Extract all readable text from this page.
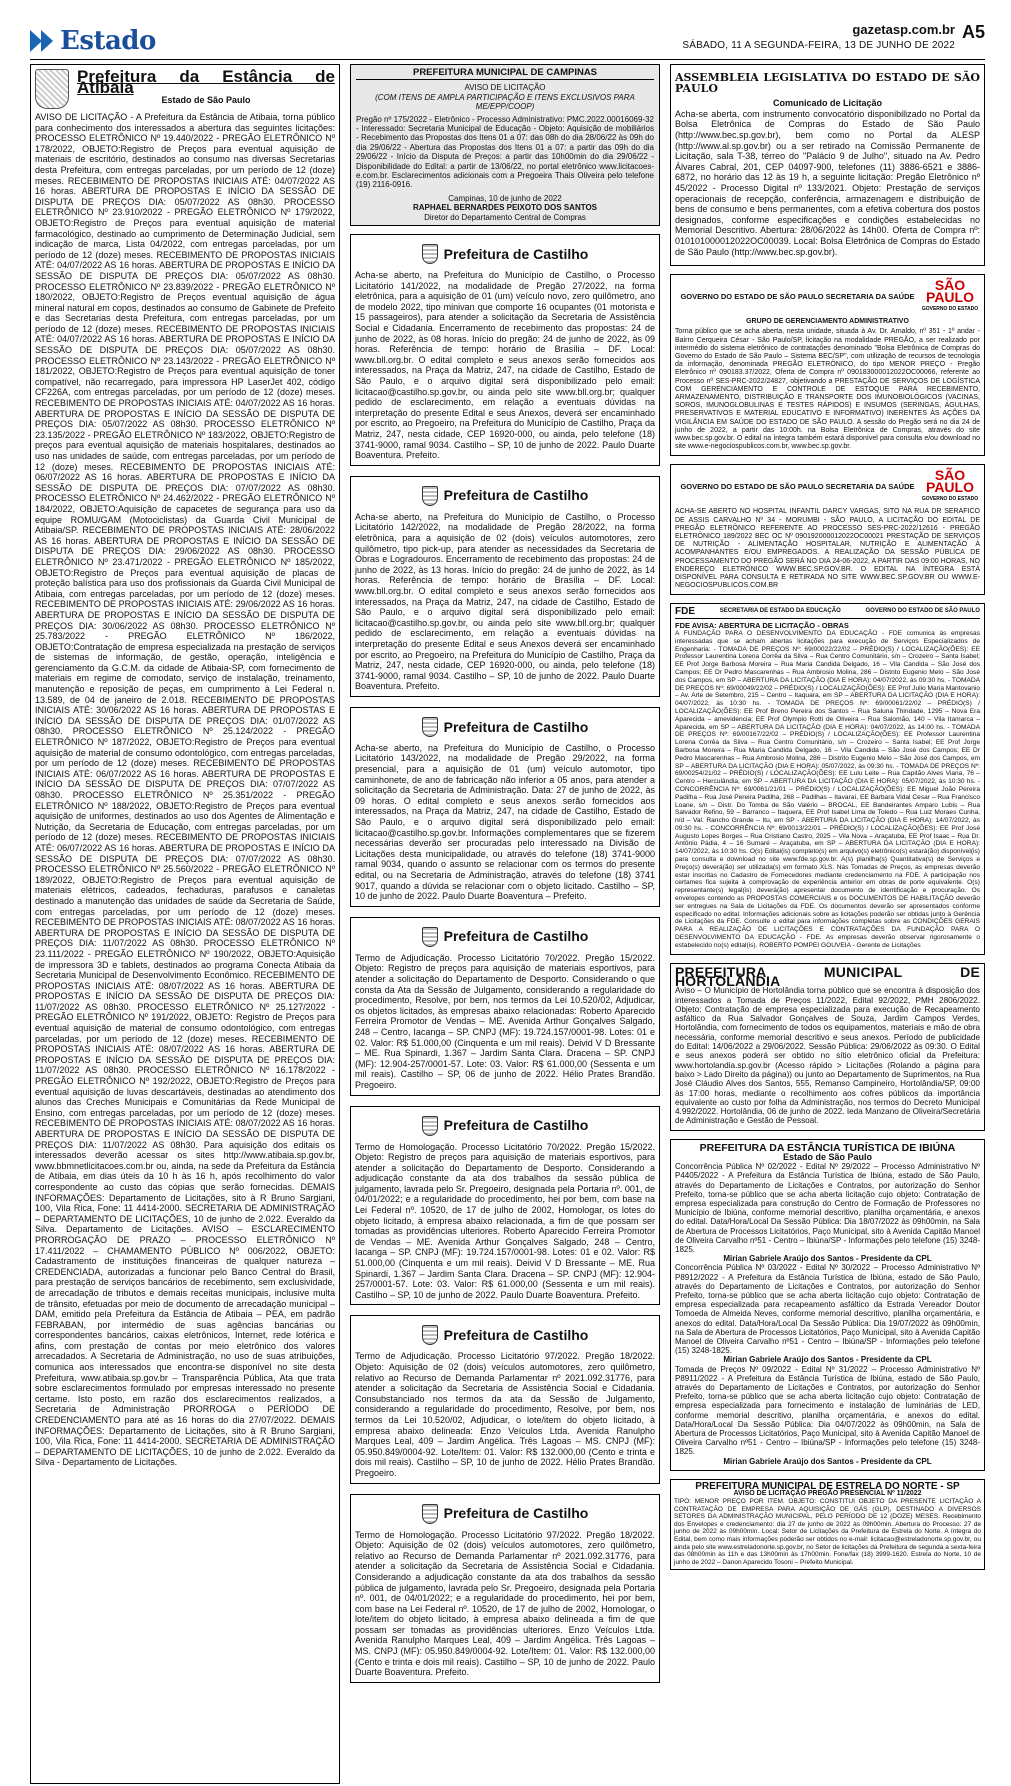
Estado	gazetasp.com.br
SÁBADO, 11 A SEGUNDA-FEIRA, 13 DE JUNHO DE 2022
A5
Prefeitura da Estância de Atibaia
Estado de São Paulo
AVISO DE LICITAÇÃO - A Prefeitura da Estância de Atibaia, torna público para conhecimento dos interessados a abertura das seguintes licitações: PROCESSO ELETRÔNICO Nº 19.440/2022 - PREGÃO ELETRÔNICO Nº 178/2022, OBJETO:Registro de Preços para eventual aquisição de materiais de escritório, destinados ao consumo nas diversas Secretarias desta Prefeitura, com entregas parceladas, por um período de 12 (doze) meses. RECEBIMENTO DE PROPOSTAS INICIAIS ATÉ: 04/07/2022 AS 16 horas. ABERTURA DE PROPOSTAS E INÍCIO DA SESSÃO DE DISPUTA DE PREÇOS DIA: 05/07/2022 AS 08h30. PROCESSO ELETRÔNICO Nº 23.910/2022 - PREGÃO ELETRÔNICO Nº 179/2022, OBJETO:Registro de Preços para eventual aquisição de material farmacológico, destinado ao cumprimento de Determinação Judicial, sem indicação de marca, Lista 04/2022, com entregas parceladas, por um período de 12 (doze) meses. RECEBIMENTO DE PROPOSTAS INICIAIS ATÉ: 04/07/2022 AS 16 horas. ABERTURA DE PROPOSTAS E INÍCIO DA SESSÃO DE DISPUTA DE PREÇOS DIA: 05/07/2022 AS 08h30. PROCESSO ELETRÔNICO Nº 23.839/2022 - PREGÃO ELETRÔNICO Nº 180/2022, OBJETO:Registro de Preços eventual aquisição de água mineral natural em copos, destinados ao consumo de Gabinete de Prefeito e das Secretarias desta Prefeitura, com entregas parceladas, por um período de 12 (doze) meses. RECEBIMENTO DE PROPOSTAS INICIAIS ATÉ: 04/07/2022 AS 16 horas. ABERTURA DE PROPOSTAS E INÍCIO DA SESSÃO DE DISPUTA DE PREÇOS DIA: 05/07/2022 AS 08h30. PROCESSO ELETRÔNICO Nº 23.143/2022 - PREGÃO ELETRÔNICO Nº 181/2022, OBJETO:Registro de Preços para eventual aquisição de toner compatível, não recarregado, para impressora HP LaserJet 402, código CF226A, com entregas parceladas, por um período de 12 (doze) meses. RECEBIMENTO DE PROPOSTAS INICIAIS ATÉ: 04/07/2022 AS 16 horas. ABERTURA DE PROPOSTAS E INÍCIO DA SESSÃO DE DISPUTA DE PREÇOS DIA: 05/07/2022 AS 08h30. PROCESSO ELETRÔNICO Nº 23.135/2022 - PREGÃO ELETRÔNICO Nº 183/2022, OBJETO:Registro de preços para eventual aquisição de materiais hospitalares, destinados ao uso nas unidades de saúde, com entregas parceladas, por um período de 12 (doze) meses. RECEBIMENTO DE PROPOSTAS INICIAIS ATÉ: 06/07/2022 AS 16 horas. ABERTURA DE PROPOSTAS E INÍCIO DA SESSÃO DE DISPUTA DE PREÇOS DIA: 07/07/2022 AS 08h30. PROCESSO ELETRÔNICO Nº 24.462/2022 - PREGÃO ELETRÔNICO Nº 184/2022, OBJETO:Aquisição de capacetes de segurança para uso da equipe ROMU/GAM (Motociclistas) da Guarda Civil Municipal de Atibaia/SP. RECEBIMENTO DE PROPOSTAS INICIAIS ATÉ: 28/06/2022 AS 16 horas. ABERTURA DE PROPOSTAS E INÍCIO DA SESSÃO DE DISPUTA DE PREÇOS DIA: 29/06/2022 AS 08h30. PROCESSO ELETRÔNICO Nº 23.471/2022 - PREGÃO ELETRÔNICO Nº 185/2022, OBJETO:Registro de Preços para eventual aquisição de placas de proteção balística para uso dos profissionais da Guarda Civil Municipal de Atibaia, com entregas parceladas, por um período de 12 (doze) meses. RECEBIMENTO DE PROPOSTAS INICIAIS ATÉ: 29/06/2022 AS 16 horas. ABERTURA DE PROPOSTAS E INÍCIO DA SESSÃO DE DISPUTA DE PREÇOS DIA: 30/06/2022 AS 08h30. PROCESSO ELETRÔNICO Nº 25.783/2022 - PREGÃO ELETRÔNICO Nº 186/2022, OBJETO:Contratação de empresa especializada na prestação de serviços de sistemas de informação, de gestão, operação, inteligência e gerenciamento da G.C.M. da cidade de Atibaia-SP, com fornecimento de materiais em regime de comodato, serviço de instalação, treinamento, manutenção e reposição de peças, em cumprimento à Lei Federal n. 13.589, de 04 de janeiro de 2.018. RECEBIMENTO DE PROPOSTAS INICIAIS ATÉ: 30/06/2022 AS 16 horas. ABERTURA DE PROPOSTAS E INÍCIO DA SESSÃO DE DISPUTA DE PREÇOS DIA: 01/07/2022 AS 08h30. PROCESSO ELETRÔNICO Nº 25.124/2022 - PREGÃO ELETRÔNICO Nº 187/2022, OBJETO:Registro de Preços para eventual aquisição de material de consumo odontológico, com entregas parceladas, por um período de 12 (doze) meses. RECEBIMENTO DE PROPOSTAS INICIAIS ATÉ: 06/07/2022 AS 16 horas. ABERTURA DE PROPOSTAS E INÍCIO DA SESSÃO DE DISPUTA DE PREÇOS DIA: 07/07/2022 AS 08h30. PROCESSO ELETRÔNICO Nº 25.351/2022 - PREGÃO ELETRÔNICO Nº 188/2022, OBJETO:Registro de Preços para eventual aquisição de uniformes, destinados ao uso dos Agentes de Alimentação e Nutrição, da Secretaria de Educação, com entregas parceladas, por um período de 12 (doze) meses. RECEBIMENTO DE PROPOSTAS INICIAIS ATÉ: 06/07/2022 AS 16 horas. ABERTURA DE PROPOSTAS E INÍCIO DA SESSÃO DE DISPUTA DE PREÇOS DIA: 07/07/2022 AS 08h30. PROCESSO ELETRÔNICO Nº 25.560/2022 - PREGÃO ELETRÔNICO Nº 189/2022, OBJETO:Registro de Preços para eventual aquisição de materiais elétricos, cadeados, fechaduras, parafusos e canaletas destinado a manutenção das unidades de saúde da Secretaria de Saúde, com entregas parceladas, por um período de 12 (doze) meses. RECEBIMENTO DE PROPOSTAS INICIAIS ATÉ: 08/07/2022 AS 16 horas. ABERTURA DE PROPOSTAS E INÍCIO DA SESSÃO DE DISPUTA DE PREÇOS DIA: 11/07/2022 AS 08h30. PROCESSO ELETRÔNICO Nº 23.111/2022 - PREGÃO ELETRÔNICO Nº 190/2022, OBJETO:Aquisição de impressora 3D e tablets, destinados ao programa Conecta Atibaia da Secretaria Municipal de Desenvolvimento Econômico. RECEBIMENTO DE PROPOSTAS INICIAIS ATÉ: 08/07/2022 AS 16 horas. ABERTURA DE PROPOSTAS E INÍCIO DA SESSÃO DE DISPUTA DE PREÇOS DIA: 11/07/2022 AS 08h30. PROCESSO ELETRÔNICO Nº 25.127/2022 - PREGÃO ELETRÔNICO Nº 191/2022, OBJETO: Registro de Preços para eventual aquisição de material de consumo odontológico, com entregas parceladas, por um período de 12 (doze) meses. RECEBIMENTO DE PROPOSTAS INICIAIS ATÉ: 08/07/2022 AS 16 horas. ABERTURA DE PROPOSTAS E INÍCIO DA SESSÃO DE DISPUTA DE PREÇOS DIA: 11/07/2022 AS 08h30. PROCESSO ELETRÔNICO Nº 16.178/2022 - PREGÃO ELETRÔNICO Nº 192/2022, OBJETO:Registro de Preços para eventual aquisição de luvas descartáveis, destinadas ao atendimento dos alunos das Creches Municipais e Comunitárias da Rede Municipal de Ensino, com entregas parceladas, por um período de 12 (doze) meses. RECEBIMENTO DE PROPOSTAS INICIAIS ATÉ: 08/07/2022 AS 16 horas. ABERTURA DE PROPOSTAS E INÍCIO DA SESSÃO DE DISPUTA DE PREÇOS DIA: 11/07/2022 AS 08h30. Para aquisição dos editais os interessados deverão acessar os sites http://www.atibaia.sp.gov.br, www.bbmnetlicitacoes.com.br ou, ainda, na sede da Prefeitura da Estância de Atibaia, em dias úteis da 10 h às 16 h, após recolhimento do valor correspondente ao custo das cópias que serão fornecidas. DEMAIS INFORMAÇÕES: Departamento de Licitações, sito à R Bruno Sargiani, 100, Vila Rica, Fone: 11 4414-2000. SECRETARIA DE ADMINISTRAÇÃO – DEPARTAMENTO DE LICITAÇÕES, 10 de junho de 2.022. Everaldo da Silva. Departamento de Licitações. AVISO – ESCLARECIMENTO PRORROGAÇÃO DE PRAZO – PROCESSO ELETRÔNICO Nº 17.411/2022 – CHAMAMENTO PÚBLICO Nº 006/2022, OBJETO: Cadastramento de instituições financeiras de qualquer natureza – CREDENCIADA, autorizadas a funcionar pelo Banco Central do Brasil, para prestação de serviços bancários de recebimento, sem exclusividade, de arrecadação de tributos e demais receitas municipais, inclusive multa de trânsito, efetuadas por meio de documento de arrecadação municipal – DAM, emitido pela Prefeitura da Estância de Atibaia – PEA, em padrão FEBRABAN, por intermédio de suas agências bancárias ou correspondentes bancários, caixas eletrônicos, Internet, rede lotérica e afins, com prestação de contas por meio eletrônico dos valores arrecadados. A Secretaria de Administração, no uso de suas atribuições, comunica aos interessados que encontra-se disponível no site desta Prefeitura, www.atibaia.sp.gov.br – Transparência Pública, Ata que trata sobre esclarecimentos formulado por empresas interessado no presente certame. Isto posto, em razão dos esclarecimentos realizados, a Secretaria de Administração PRORROGA o PERÍODO DE CREDENCIAMENTO para até as 16 horas do dia 27/07/2022. DEMAIS INFORMAÇÕES: Departamento de Licitações, sito à R Bruno Sargiani, 100, Vila Rica, Fone: 11 4414-2000. SECRETARIA DE ADMINISTRAÇÃO – DEPARTAMENTO DE LICITAÇÕES, 10 de junho de 2.022. Everaldo da Silva - Departamento de Licitações.
PREFEITURA MUNICIPAL DE CAMPINAS
AVISO DE LICITAÇÃO
(COM ITENS DE AMPLA PARTICIPAÇÃO E ITENS EXCLUSIVOS PARA ME/EPP/COOP)
Pregão nº 175/2022 - Eletrônico - Processo Administrativo: PMC.2022.00016069-32 - Interessado: Secretaria Municipal de Educação - Objeto: Aquisição de mobiliários - Recebimento das Propostas dos Itens 01 a 07: das 08h do dia 28/06/22 às 09h do dia 29/06/22 - Abertura das Propostas dos Itens 01 a 07: a partir das 09h do dia 29/06/22 - Início da Disputa de Preços: a partir das 10h00min do dia 29/06/22 - Disponibilidade do Edital: a partir de 13/06/22, no portal eletrônico www.licitacoes-e.com.br. Esclarecimentos adicionais com a Pregoeira Thais Oliveira pelo telefone (19) 2116-0916.
Campinas, 10 de junho de 2022
RAPHAEL BERNARDES PEIXOTO DOS SANTOS
Diretor do Departamento Central de Compras
Prefeitura de Castilho

Acha-se aberto, na Prefeitura do Município de Castilho, o Processo Licitatório 141/2022, na modalidade de Pregão 27/2022, na forma eletrônica, para a aquisição de 01 (um) veículo novo, zero quilômetro, ano de modelo 2022, tipo minivan que comporte 16 ocupantes (01 motorista e 15 passageiros), para atender a solicitação da Secretaria de Assistência Social e Cidadania. Encerramento de recebimento das propostas: 24 de junho de 2022, às 08 horas. Início do pregão: 24 de junho de 2022, às 09 horas. Referência de tempo: horário de Brasília – DF. Local: www.bll.org.br. O edital completo e seus anexos serão fornecidos aos interessados, na Praça da Matriz, 247, na cidade de Castilho, Estado de São Paulo, e o arquivo digital será disponibilizado pelo email: licitacao@castilho.sp.gov.br, ou ainda pelo site www.bll.org.br; qualquer pedido de esclarecimento, em relação a eventuais dúvidas na interpretação do presente Edital e seus Anexos, deverá ser encaminhado por escrito, ao Pregoeiro, na Prefeitura do Município de Castilho, Praça da Matriz, 247, nesta cidade, CEP 16920-000, ou ainda, pelo telefone (18) 3741-9000, ramal 9034. Castilho – SP, 10 de junho de 2022. Paulo Duarte Boaventura. Prefeito.

Prefeitura de Castilho

Acha-se aberto, na Prefeitura do Município de Castilho, o Processo Licitatório 142/2022, na modalidade de Pregão 28/2022, na forma eletrônica, para a aquisição de 02 (dois) veículos automotores, zero quilômetro, tipo pick-up, para atender as necessidades da Secretaria de Obras e Logradouros. Encerramento de recebimento das propostas: 24 de junho de 2022, às 13 horas. Início do pregão: 24 de junho de 2022, às 14 horas. Referência de tempo: horário de Brasília – DF. Local: www.bll.org.br. O edital completo e seus anexos serão fornecidos aos interessados, na Praça da Matriz, 247, na cidade de Castilho, Estado de São Paulo, e o arquivo digital será disponibilizado pelo email: licitacao@castilho.sp.gov.br, ou ainda pelo site www.bll.org.br; qualquer pedido de esclarecimento, em relação a eventuais dúvidas na interpretação do presente Edital e seus Anexos deverá ser encaminhado por escrito, ao Pregoeiro, na Prefeitura do Município de Castilho, Praça da Matriz, 247, nesta cidade, CEP 16920-000, ou ainda, pelo telefone (18) 3741-9000, ramal 9034. Castilho – SP, 10 de junho de 2022. Paulo Duarte Boaventura. Prefeito.

Prefeitura de Castilho

Acha-se aberto, na Prefeitura do Município de Castilho, o Processo Licitatório 143/2022, na modalidade de Pregão 29/2022, na forma presencial, para a aquisição de 01 (um) veículo automotor, tipo caminhonete, de ano de fabricação não inferior a 05 anos, para atender a solicitação da Secretaria de Administração. Data: 27 de junho de 2022, às 09 horas. O edital completo e seus anexos serão fornecidos aos interessados, na Praça da Matriz, 247, na cidade de Castilho, Estado de São Paulo, e o arquivo digital será disponibilizado pelo email: licitacao@castilho.sp.gov.br. Informações complementares que se fizerem necessárias deverão ser procuradas pelo interessado na Divisão de Licitações desta municipalidade, ou através do telefone (18) 3741-9000 ramal 9034, quando o assunto se relacionar com os termos do presente edital, ou na Secretaria de Administração, através do telefone (18) 3741 9017, quando a dúvida se relacionar com o objeto licitado. Castilho – SP, 10 de junho de 2022. Paulo Duarte Boaventura – Prefeito.

Prefeitura de Castilho

Termo de Adjudicação. Processo Licitatório 70/2022. Pregão 15/2022. Objeto: Registro de preços para aquisição de materiais esportivos, para atender a solicitação do Departamento de Desporto. Considerando o que consta da Ata da Sessão de Julgamento, considerando a regularidade do procedimento, Resolve, por bem, nos termos da Lei 10.520/02, Adjudicar, os objetos licitados, às empresas abaixo relacionadas: Roberto Aparecido Ferreira Promotor de Vendas – ME. Avenida Arthur Gonçalves Salgado, 248 – Centro, Iacanga – SP. CNPJ (MF): 19.724.157/0001-98. Lotes: 01 e 02. Valor: R$ 51.000,00 (Cinquenta e um mil reais). Deivid V D Bressante – ME. Rua Spinardi, 1.367 – Jardim Santa Clara. Dracena – SP. CNPJ (MF): 12.904-257/0001-57. Lote: 03. Valor: R$ 61.000,00 (Sessenta e um mil reais). Castilho – SP, 06 de junho de 2022. Hélio Prates Brandão. Pregoeiro.

Prefeitura de Castilho

Termo de Homologação. Processo Licitatório 70/2022. Pregão 15/2022. Objeto: Registro de preços para aquisição de materiais esportivos, para atender a solicitação do Departamento de Desporto. Considerando a adjudicação constante da ata dos trabalhos da sessão pública de julgamento, lavrada pelo Sr. Pregoeiro, designada pela Portaria nº. 001, de 04/01/2022; e a regularidade do procedimento, hei por bem, com base na Lei Federal nº. 10520, de 17 de julho de 2002, Homologar, os lotes do objeto licitado, à empresa abaixo relacionada, a fim de que possam ser tomadas as providências ulteriores. Roberto Aparecido Ferreira Promotor de Vendas – ME. Avenida Arthur Gonçalves Salgado, 248 – Centro, Iacanga – SP. CNPJ (MF): 19.724.157/0001-98. Lotes: 01 e 02. Valor: R$ 51.000,00 (Cinquenta e um mil reais). Deivid V D Bressante – ME. Rua Spinardi, 1.367 – Jardim Santa Clara. Dracena – SP. CNPJ (MF): 12.904-257/0001-57. Lote: 03. Valor: R$ 61.000,00 (Sessenta e um mil reais). Castilho – SP, 10 de junho de 2022. Paulo Duarte Boaventura. Prefeito.

Prefeitura de Castilho

Termo de Adjudicação. Processo Licitatório 97/2022. Pregão 18/2022. Objeto: Aquisição de 02 (dois) veículos automotores, zero quilômetro, relativo ao Recurso de Demanda Parlamentar nº 2021.092.31776, para atender a solicitação da Secretaria de Assistência Social e Cidadania. Consubstanciado nos termos da ata da Sessão de Julgamento, considerando a regularidade do procedimento, Resolve, por bem, nos termos da Lei 10.520/02, Adjudicar, o lote/item do objeto licitado, à empresa abaixo delineada: Enzo Veículos Ltda. Avenida Ranulpho Marques Leal, 409 – Jardim Angélica. Três Lagoas – MS. CNPJ (MF): 05.950.849/0004-92. Lote/Item: 01. Valor: R$ 132.000,00 (Cento e trinta e dois mil reais). Castilho – SP, 10 de junho de 2022. Hélio Prates Brandão. Pregoeiro.

Prefeitura de Castilho

Termo de Homologação. Processo Licitatório 97/2022. Pregão 18/2022. Objeto: Aquisição de 02 (dois) veículos automotores, zero quilômetro, relativo ao Recurso de Demanda Parlamentar nº 2021.092.31776, para atender a solicitação da Secretaria de Assistência Social e Cidadania. Considerando a adjudicação constante da ata dos trabalhos da sessão pública de julgamento, lavrada pelo Sr. Pregoeiro, designada pela Portaria nº. 001, de 04/01/2022; e a regularidade do procedimento, hei por bem, com base na Lei Federal nº. 10520, de 17 de julho de 2002, Homologar, o lote/item do objeto licitado, à empresa abaixo delineada a fim de que possam ser tomadas as providências ulteriores. Enzo Veículos Ltda. Avenida Ranulpho Marques Leal, 409 – Jardim Angélica. Três Lagoas – MS. CNPJ (MF): 05.950.849/0004-92. Lote/Item: 01. Valor: R$ 132.000,00 (Cento e trinta e dois mil reais). Castilho – SP, 10 de junho de 2022. Paulo Duarte Boaventura. Prefeito.

ASSEMBLEIA LEGISLATIVA DO ESTADO DE SÃO PAULO
Comunicado de Licitação

Acha-se aberta, com instrumento convocatório disponibilizado no Portal da Bolsa Eletrônica de Compras do Estado de São Paulo (http://www.bec.sp.gov.br), bem como no Portal da ALESP (http://www.al.sp.gov.br) ou a ser retirado na Comissão Permanente de Licitação, sala T-38, térreo do "Palácio 9 de Julho", situado na Av. Pedro Álvares Cabral, 201, CEP 04097-900, telefones (11) 3886-6521 e 3886-6872, no horário das 12 às 19 h, a seguinte licitação: Pregão Eletrônico nº 45/2022 - Processo Digital nº 133/2021. Objeto: Prestação de serviços operacionais de recepção, conferência, armazenagem e distribuição de bens de consumo e bens permanentes, com a efetiva cobertura dos postos designados, conforme especificações e condições estabelecidas no Memorial Descritivo. Abertura: 28/06/2022 às 14h00. Oferta de Compra nº: 010101000012022OC00039. Local: Bolsa Eletrônica de Compras do Estado de São Paulo (http://www.bec.sp.gov.br).

GOVERNO DO ESTADO DE SÃO PAULO SECRETARIA DA SAÚDE
SÃO PAULO
GOVERNO DO ESTADO
GRUPO DE GERENCIAMENTO ADMINISTRATIVO
Torna público que se acha aberta, nesta unidade, situada à Av. Dr. Arnaldo, nº 351 - 1º andar - Bairro Cerqueira César - São Paulo/SP, licitação na modalidade PREGÃO, a ser realizado por intermédio do sistema eletrônico de contratações denominado "Bolsa Eletrônica de Compras do Governo do Estado de São Paulo – Sistema BEC/SP", com utilização de recursos de tecnologia da informação, denominada PREGÃO ELETRÔNICO, do tipo MENOR PREÇO - Pregão Eletrônico nº 090183.37/2022, Oferta de Compra nº 090183000012022OC00066, referente ao Processo nº SES-PRC-2022/24827, objetivando a PRESTAÇÃO DE SERVIÇOS DE LOGÍSTICA COM GERENCIAMENTO E CONTROLE DE ESTOQUE PARA RECEBIMENTO, ARMAZENAMENTO, DISTRIBUIÇÃO E TRANSPORTE DOS IMUNOBIOLÓGICOS (VACINAS, SOROS, IMUNOGLOBULINAS E TESTES RÁPIDOS) E INSUMOS (SERINGAS, AGULHAS, PRESERVATIVOS E MATERIAL EDUCATIVO E INFORMATIVO) INERENTES ÀS AÇÕES DA VIGILÂNCIA EM SAÚDE DO ESTADO DE SÃO PAULO. A sessão do Pregão será no dia 24 de junho de 2022, a partir das 10:00h. na Bolsa Eletrônica de Compras, através do site www.bec.sp.gov.br. O edital na íntegra também estará disponível para consulta e/ou download no site www.e-negociospublicos.com.br, www.bec.sp.gov.br.
GOVERNO DO ESTADO DE SÃO PAULO SECRETARIA DA SAÚDE
SÃO PAULO
GOVERNO DO ESTADO
ACHA-SE ABERTO NO HOSPITAL INFANTIL DARCY VARGAS, SITO NA RUA DR SERAFICO DE ASSIS CARVALHO Nº 34 - MORUMBI - SÃO PAULO, A LICITAÇÃO DO EDITAL DE PREGÃO ELETRÔNICO REFERENTE AO PROCESSO SES-PRC-2022/12616 - PREGÃO ELETRÔNICO 189/2022 BEC OC Nº 090192000012022OC00021 PRESTAÇÃO DE SERVIÇOS DE NUTRIÇÃO - ALIMENTAÇÃO HOSPITALAR, NUTRIÇÃO E ALIMENTAÇÃO À ACOMPANHANTES E/OU EMPREGADOS. A REALIZAÇÃO DA SESSÃO PÚBLICA DE PROCESSAMENTO DO PREGÃO SERÁ NO DIA 24-06-2022, A PARTIR DAS 09:00 HORAS, NO ENDEREÇO ELETRÔNICO WWW.BEC.SP.GOV.BR. O EDITAL NA ÍNTEGRA ESTÁ DISPONÍVEL PARA CONSULTA E RETIRADA NO SITE WWW.BEC.SP.GOV.BR OU WWW.E-NEGOCIOSPUBLICOS.COM.BR
FDE	SECRETARIA DE ESTADO DA EDUCAÇÃO	GOVERNO DO ESTADO DE SÃO PAULO
FDE AVISA: ABERTURA DE LICITAÇÃO - OBRAS
A FUNDAÇÃO PARA O DESENVOLVIMENTO DA EDUCAÇÃO - FDE comunica às empresas interessadas que se acham abertas licitações para execução de Serviços Especializados de Engenharia: - TOMADA DE PREÇOS Nº: 69/00022/22/02 – PRÉDIO(S) / LOCALIZAÇÃO(ÕES): EE Professor Laurentina Lorena Corrêa da Silva – Rua Centro Comunitário, s/n – Crozeiro – Santa Isabel; EE Prof Jorge Barbosa Moreira – Rua Maria Candida Delgado, 16 – Vila Candida – São José dos Campos; EE Dr Pedro Mascarenhas – Rua Ambrosio Molina, 286 – Distrito Eugenio Melo – São José dos Campos, em SP – ABERTURA DA LICITAÇÃO (DIA E HORA): 04/07/2022, às 09:30 hs. - TOMADA DE PREÇOS Nº: 69/00049/22/02 – PRÉDIO(S) / LOCALIZAÇÃO(ÕES): EE Prof Julio Maria Mantovanio – Av. Arte de Setembro, 215 – Centro – Itaquara, em SP – ABERTURA DA LICITAÇÃO (DIA E HORA): 04/07/2022, às 10:30 hs. - TOMADA DE PREÇOS Nº: 69/00061/22/02 – PRÉDIO(S) / LOCALIZAÇÃO(ÕES): EE Prof Breno Pereira dos Santos – Rua Saluna Thindade, 1295 – Nova Era Aparecida – amevidencia; EE Prof Olympio Rotti de Oliveira – Rua Salomão, 140 – Vila Itamarca – Aparecida, em SP – ABERTURA DA LICITAÇÃO (DIA E HORA): 04/07/2022, às 14:00 hs. - TOMADA DE PREÇOS Nº: 69/00167/22/02 – PRÉDIO(S) / LOCALIZAÇÃO(ÕES): EE Professor Laurentina Lorena Corrêa da Silva – Rua Centro Comunitário, s/n – Crozeiro – Santa Isabel; EE Prof Jorge Barbosa Moreira – Rua Maria Candida Delgado, 16 – Vila Candida – São José dos Campos; EE Dr Pedro Mascarenhas – Rua Ambrosio Molina, 286 – Distrito Eugenio Melo – São José dos Campos, em SP – ABERTURA DA LICITAÇÃO (DIA E HORA): 05/07/2022, às 09:30 hs. - TOMADA DE PREÇOS Nº: 69/00254/21/02 – PRÉDIO(S) / LOCALIZAÇÃO(ÕES): EE Lulu Leite – Rua Capitão Alves Viana, 76 – Centro – Herculândia, em SP – ABERTURA DA LICITAÇÃO (DIA E HORA): 05/07/2022, às 10:30 hs. - CONCORRÊNCIA Nº: 69/0061/21/01 – PRÉDIO(S) / LOCALIZAÇÃO(ÕES): EE Miguel João Pereira Padilha – Rua José Pereira Padilha, 268 – Padilhas – Itavaraí, EE Barbara Vidal Cesar – Rua Francisco Loane, s/n – Distr. Do Tomba de São Valério – BROCAL, EE Bandeirantes Amparo Lubis – Rua Salvador Refino, 59 – Barranco – Itaquera, EE Prof Isabel Lima de Toledo – Rua Luiz Moraes Cunha, n/d – Val. Rancho Grande – Itu, em SP - ABERTURA DA LICITAÇÃO (DIA E HORA): 14/07/2022, às 09:30 hs. - CONCORRÊNCIA Nº: 69/0013/22/01 – PRÉDIO(S) / LOCALIZAÇÃO(ÕES): EE Prof José Augusto Lopes Borges – Rua Cristiano Castro, 2025 – Vila Nova – Araçatuba, EE Prof Isaac – Rua Dr. Antônio Pádia, 4 – 16 Sumaré – Araçatuba, em SP – ABERTURA DA LICITAÇÃO (DIA E HORA): 14/07/2022, às 10:30 hs. O(s) Edital(is) completo(s) em arquivo(s) eletrônico(s) estará(ão) disponível(is) para consulta e download no site www.fde.sp.gov.br. A(s) planilha(s) Quantitativa(s) de Serviços e Preço(s) deverá(ão) ser utilizada(s) em formato XLS. Nas Tomadas de Preços, as empresas deverão estar inscritas no Cadastro de Fornecedores mediante credenciamento na FDE. A participação nos certames fica sujeita à comprovação de experiência anterior em obras de porte equivalente. O(s) representante(s) legal(is) deverá(ão) apresentar documento de identificação e procuração. Os envelopes contendo as PROPOSTAS COMERCIAIS e os DOCUMENTOS DE HABILITAÇÃO deverão ser entregues na Sala de Licitações da FDE. Os documentos deverão ser apresentados conforme especificado no edital. Informações adicionais sobre as licitações poderão ser obtidas junto à Gerência de Licitações da FDE. Consulte o edital para informações completas sobre as CONDIÇÕES GERAIS PARA A REALIZAÇÃO DE LICITAÇÕES E CONTRATAÇÕES DA FUNDAÇÃO PARA O DESENVOLVIMENTO DA EDUCAÇÃO - FDE. As empresas deverão observar rigorosamente o estabelecido no(s) edital(is). ROBERTO POMPEI GOUVEIA - Gerente de Licitações
PREFEITURA MUNICIPAL DE HORTOLÂNDIA
Aviso – O Município de Hortolândia torna público que se encontra à disposição dos interessados a Tomada de Preços 11/2022, Edital 92/2022, PMH 2806/2022. Objeto: Contratação de empresa especializada para execução de Recapeamento asfáltico da Rua Salvador Gonçalves de Souza, Jardim Campos Verdes, Hortolândia, com fornecimento de todos os equipamentos, materiais e mão de obra necessária, conforme memorial descritivo e seus anexos. Período de publicidade do Edital: 14/06/2022 a 29/06/2022. Sessão Pública: 29/06/2022 às 09:30. O Edital e seus anexos poderá ser obtido no sítio eletrônico oficial da Prefeitura: www.hortolandia.sp.gov.br (Acesso rápido > Licitações (Rolando a página para baixo > Lado Direito da página)) ou junto ao Departamento de Suprimentos, na Rua José Cláudio Alves dos Santos, 555, Remanso Campineiro, Hortolândia/SP, 09:00 às 17:00 horas, mediante o recolhimento aos cofres públicos da importância equivalente ao custo por folha da Administração, nos termos do Decreto Municipal 4.992/2022. Hortolândia, 06 de junho de 2022. Ieda Manzano de Oliveira/Secretária de Administração e Gestão de Pessoal.
PREFEITURA DA ESTÂNCIA TURÍSTICA DE IBIÚNA
Estado de São Paulo
Concorrência Pública Nº 02/2022 - Edital Nº 29/2022 – Processo Administrativo Nº P4405/2022 - A Prefeitura da Estância Turística de Ibiúna, estado de São Paulo, através do Departamento de Licitações e Contratos, por autorização do Senhor Prefeito, torna-se público que se acha aberta licitação cujo objeto: Contratação de empresa especializada para construção do Centro de Formação de Professores no Município de Ibiúna, conforme memorial descritivo, planilha orçamentária, e anexos do edital. Data/Hora/Local Da Sessão Pública: Dia 18/07/2022 às 09h00min, na Sala de Abertura de Processos Licitatórios, Paço Municipal, sito à Avenida Capitão Manoel de Oliveira Carvalho nº51 - Centro – Ibiúna/SP - Informações pelo telefone (15) 3248-1825.
Mirian Gabriele Araújo dos Santos - Presidente da CPL
Concorrência Pública Nº 03/2022 - Edital Nº 30/2022 – Processo Administrativo Nº P8912/2022 - A Prefeitura da Estância Turística de Ibiúna, estado de São Paulo, através do Departamento de Licitações e Contratos, por autorização do Senhor Prefeito, torna-se público que se acha aberta licitação cujo objeto: Contratação de empresa especializada para recapeamento asfáltico da Estrada Vereador Doutor Tomoeda de Almeida Neves, conforme memorial descritivo, planilha orçamentária, e anexos do edital. Data/Hora/Local Da Sessão Pública: Dia 19/07/2022 às 09h00min, na Sala de Abertura de Processos Licitatórios, Paço Municipal, sito à Avenida Capitão Manoel de Oliveira Carvalho nº51 - Centro – Ibiúna/SP - Informações pelo telefone (15) 3248-1825.
Mirian Gabriele Araújo dos Santos - Presidente da CPL
Tomada de Preços Nº 09/2022 - Edital Nº 31/2022 – Processo Administrativo Nº P8911/2022 - A Prefeitura da Estância Turística de Ibiúna, estado de São Paulo, através do Departamento de Licitações e Contratos, por autorização do Senhor Prefeito, torna-se público que se acha aberta licitação cujo objeto: Contratação de empresa especializada para fornecimento e instalação de luminárias de LED, conforme memorial descritivo, planilha orçamentária, e anexos do edital. Data/Hora/Local Da Sessão Pública: Dia 04/07/2022 às 09h00min, na Sala de Abertura de Processos Licitatórios, Paço Municipal, sito à Avenida Capitão Manoel de Oliveira Carvalho nº51 - Centro – Ibiúna/SP - Informações pelo telefone (15) 3248-1825.
Mirian Gabriele Araújo dos Santos - Presidente da CPL
PREFEITURA MUNICIPAL DE ESTRELA DO NORTE - SP
AVISO DE LICITAÇÃO PREGÃO PRESENCIAL Nº 11/2022
TIPO: MENOR PREÇO POR ITEM. OBJETO: CONSTITUI OBJETO DA PRESENTE LICITAÇÃO A CONTRATAÇÃO DE EMPRESA PARA AQUISIÇÃO DE GÁS (GLP), DESTINADO A DIVERSOS SETORES DA ADMINISTRAÇÃO MUNICIPAL, PELO PERÍODO DE 12 (DOZE) MESES. Recebimento dos Envelopes e credenciamento: dia 27 de junho de 2022 às 09h00min. Abertura do Processo: 27 de junho de 2022 às 09h00min. Local: Setor de Licitações da Prefeitura de Estrela do Norte. A íntegra do Edital, bem como mais informações poderão ser obtidos no e-mail: licitacao@estreladonorte.sp.gov.br, ou ainda pelo site www.estreladonorte.sp.gov.br, no Setor de licitações da Prefeitura de segunda a sexta-feira das 08h00min às 11h e das 13h00min às 17h00min. Fone/fax (18) 3999-1620. Estrela do Norte, 10 de junho de 2022 – Danon Aparecido Tosoni – Prefeito Municipal.
